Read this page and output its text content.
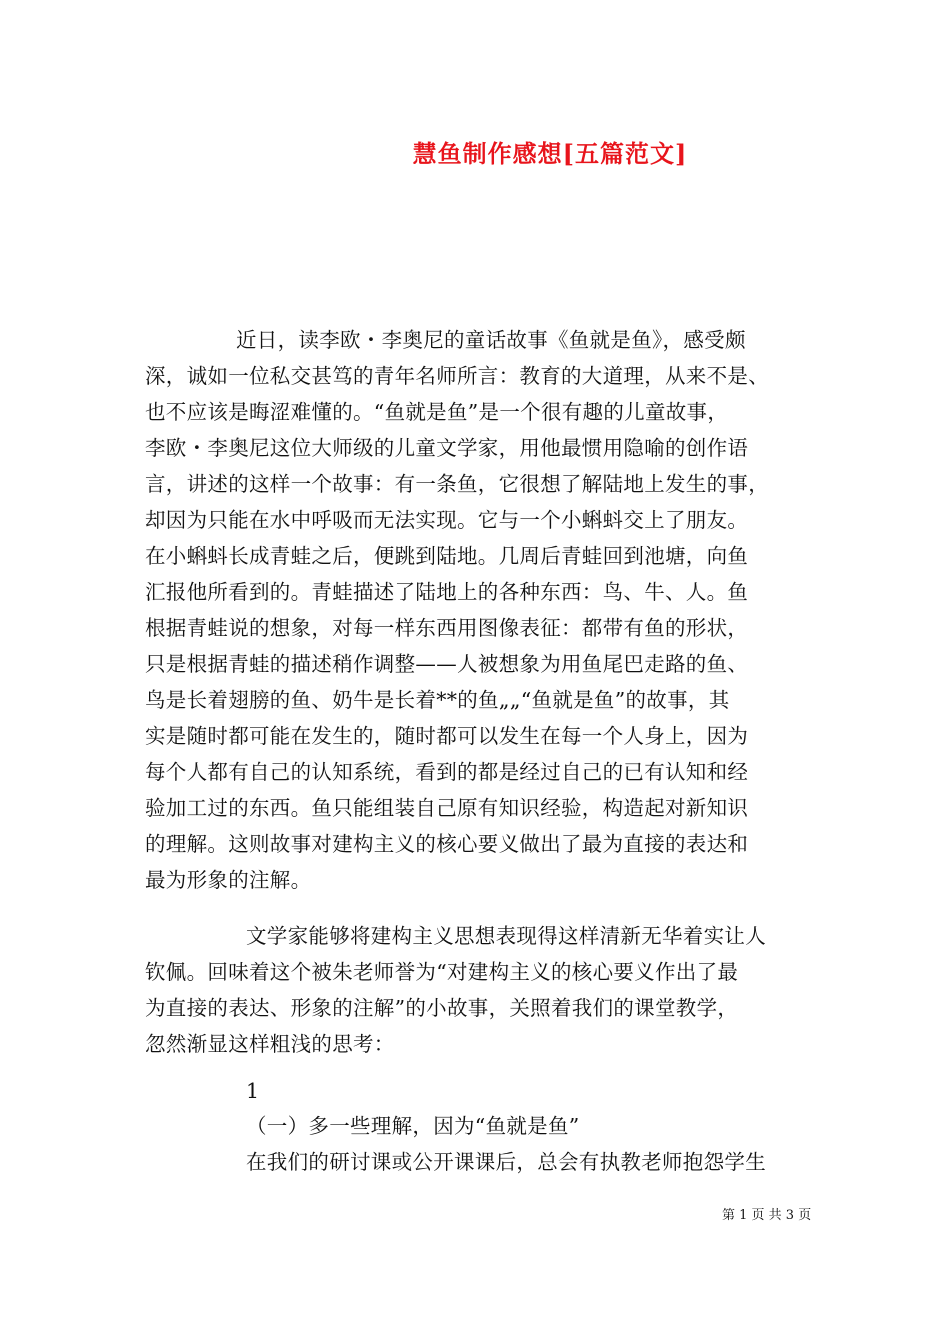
慧鱼制作感想[五篇范文]
近日，读李欧・李奥尼的童话故事《鱼就是鱼》，感受颇
深，诚如一位私交甚笃的青年名师所言：教育的大道理，从来不是、
也不应该是晦涩难懂的。“鱼就是鱼”是一个很有趣的儿童故事，
李欧・李奥尼这位大师级的儿童文学家，用他最惯用隐喻的创作语
言，讲述的这样一个故事：有一条鱼，它很想了解陆地上发生的事，
却因为只能在水中呼吸而无法实现。它与一个小蝌蚪交上了朋友。
在小蝌蚪长成青蛙之后，便跳到陆地。几周后青蛙回到池塘，向鱼
汇报他所看到的。青蛙描述了陆地上的各种东西：鸟、牛、人。鱼
根据青蛙说的想象，对每一样东西用图像表征：都带有鱼的形状，
只是根据青蛙的描述稍作调整——人被想象为用鱼尾巴走路的鱼、
鸟是长着翅膀的鱼、奶牛是长着**的鱼„„“鱼就是鱼”的故事，其
实是随时都可能在发生的，随时都可以发生在每一个人身上，因为
每个人都有自己的认知系统，看到的都是经过自己的已有认知和经
验加工过的东西。鱼只能组装自己原有知识经验，构造起对新知识
的理解。这则故事对建构主义的核心要义做出了最为直接的表达和
最为形象的注解。
文学家能够将建构主义思想表现得这样清新无华着实让人
钦佩。回味着这个被朱老师誉为“对建构主义的核心要义作出了最
为直接的表达、形象的注解”的小故事，关照着我们的课堂教学，
忽然渐显这样粗浅的思考：
1
（一）多一些理解，因为“鱼就是鱼”
在我们的研讨课或公开课课后，总会有执教老师抱怨学生
第 1 页 共 3 页
